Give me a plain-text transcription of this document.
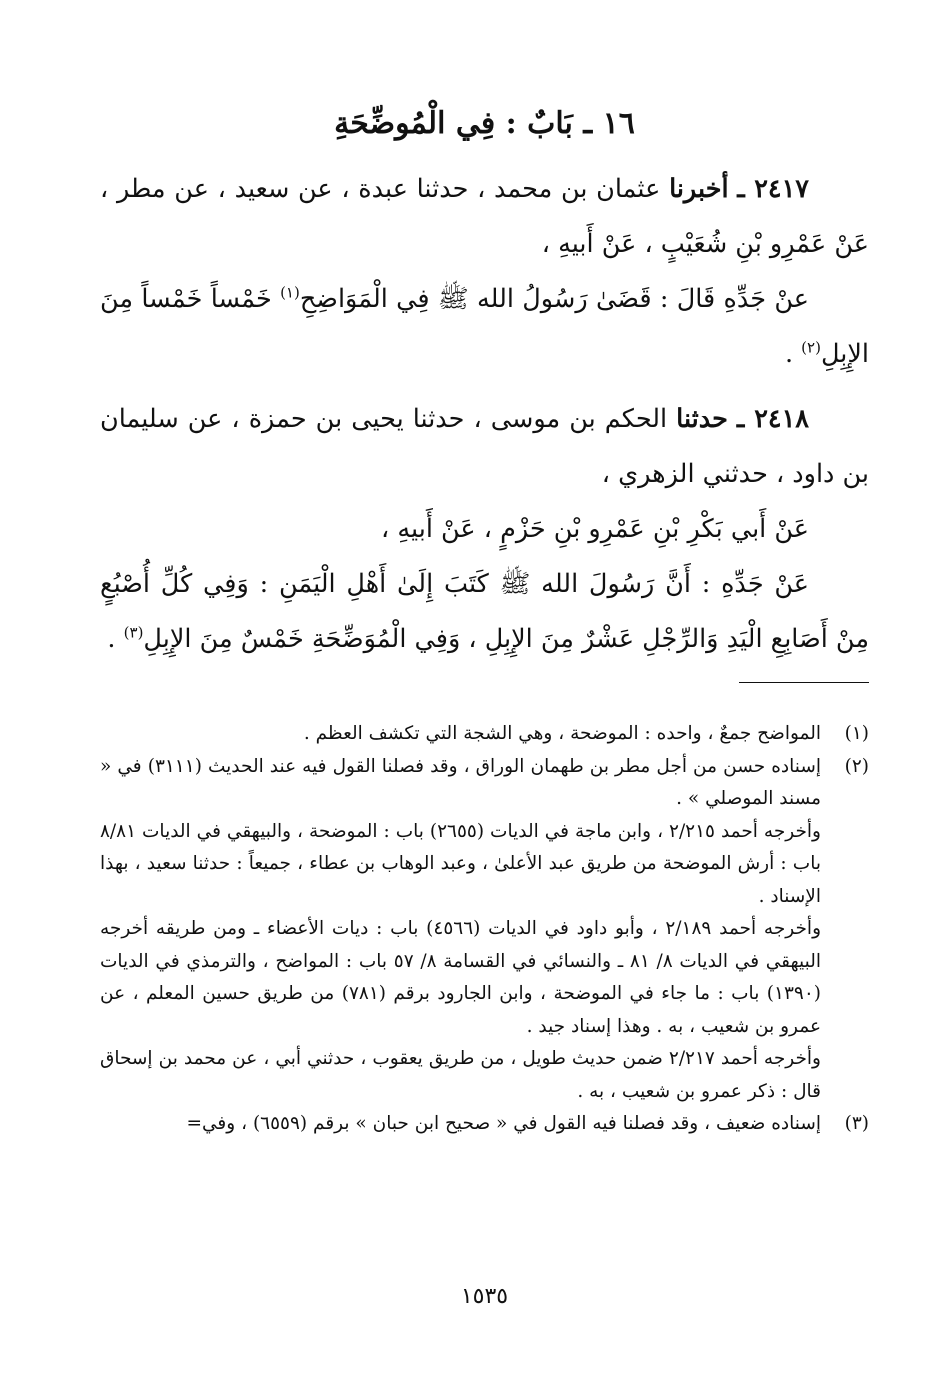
١٦ ـ بَابٌ : فِي الْمُوضِّحَةِ

٢٤١٧ ـ أخبرنا عثمان بن محمد ، حدثنا عبدة ، عن سعيد ، عن مطر ، عَنْ عَمْرِو بْنِ شُعَيْبٍ ، عَنْ أَبيهِ ،

عنْ جَدِّهِ قَالَ : قَضَىٰ رَسُولُ الله ﷺ فِي الْمَوَاضِحِ$^{(١)}$ خَمْساً خَمْساً مِنَ الإِبِلِ$^{(٢)}$ .

٢٤١٨ ـ حدثنا الحكم بن موسى ، حدثنا يحيى بن حمزة ، عن سليمان بن داود ، حدثني الزهري ،

عَنْ أَبي بَكْرِ بْنِ عَمْرِو بْنِ حَزْمٍ ، عَنْ أَبيهِ ،

عَنْ جَدِّهِ : أَنَّ رَسُولَ الله ﷺ كَتَبَ إِلَىٰ أَهْلِ الْيَمَنِ : وَفِي كُلِّ أُصْبُعٍ مِنْ أَصَابِعِ الْيَدِ وَالرِّجْلِ عَشْرٌ مِنَ الإِبِلِ ، وَفِي الْمُوَضِّحَةِ خَمْسٌ مِنَ الإِبِلِ$^{(٣)}$ .

(١)

المواضح جمعٌ ، واحده : الموضحة ، وهي الشجة التي تكشف العظم .

(٢)

إسناده حسن من أجل مطر بن طهمان الوراق ، وقد فصلنا القول فيه عند الحديث (٣١١١) في « مسند الموصلي » .

وأخرجه أحمد ٢/٢١٥ ، وابن ماجة في الديات (٢٦٥٥) باب : الموضحة ، والبيهقي في الديات ٨/٨١ باب : أرش الموضحة من طريق عبد الأعلىٰ ، وعبد الوهاب بن عطاء ، جميعاً : حدثنا سعيد ، بهذا الإسناد .

وأخرجه أحمد ٢/١٨٩ ، وأبو داود في الديات (٤٥٦٦) باب : ديات الأعضاء ـ ومن طريقه أخرجه البيهقي في الديات ٨/ ٨١ ـ والنسائي في القسامة ٨/ ٥٧ باب : المواضح ، والترمذي في الديات (١٣٩٠) باب : ما جاء في الموضحة ، وابن الجارود برقم (٧٨١) من طريق حسين المعلم ، عن عمرو بن شعيب ، به . وهذا إسناد جيد .

وأخرجه أحمد ٢/٢١٧ ضمن حديث طويل ، من طريق يعقوب ، حدثني أبي ، عن محمد بن إسحاق قال : ذكر عمرو بن شعيب ، به .

(٣)

إسناده ضعيف ، وقد فصلنا فيه القول في « صحيح ابن حبان » برقم (٦٥٥٩) ، وفي=

١٥٣٥
